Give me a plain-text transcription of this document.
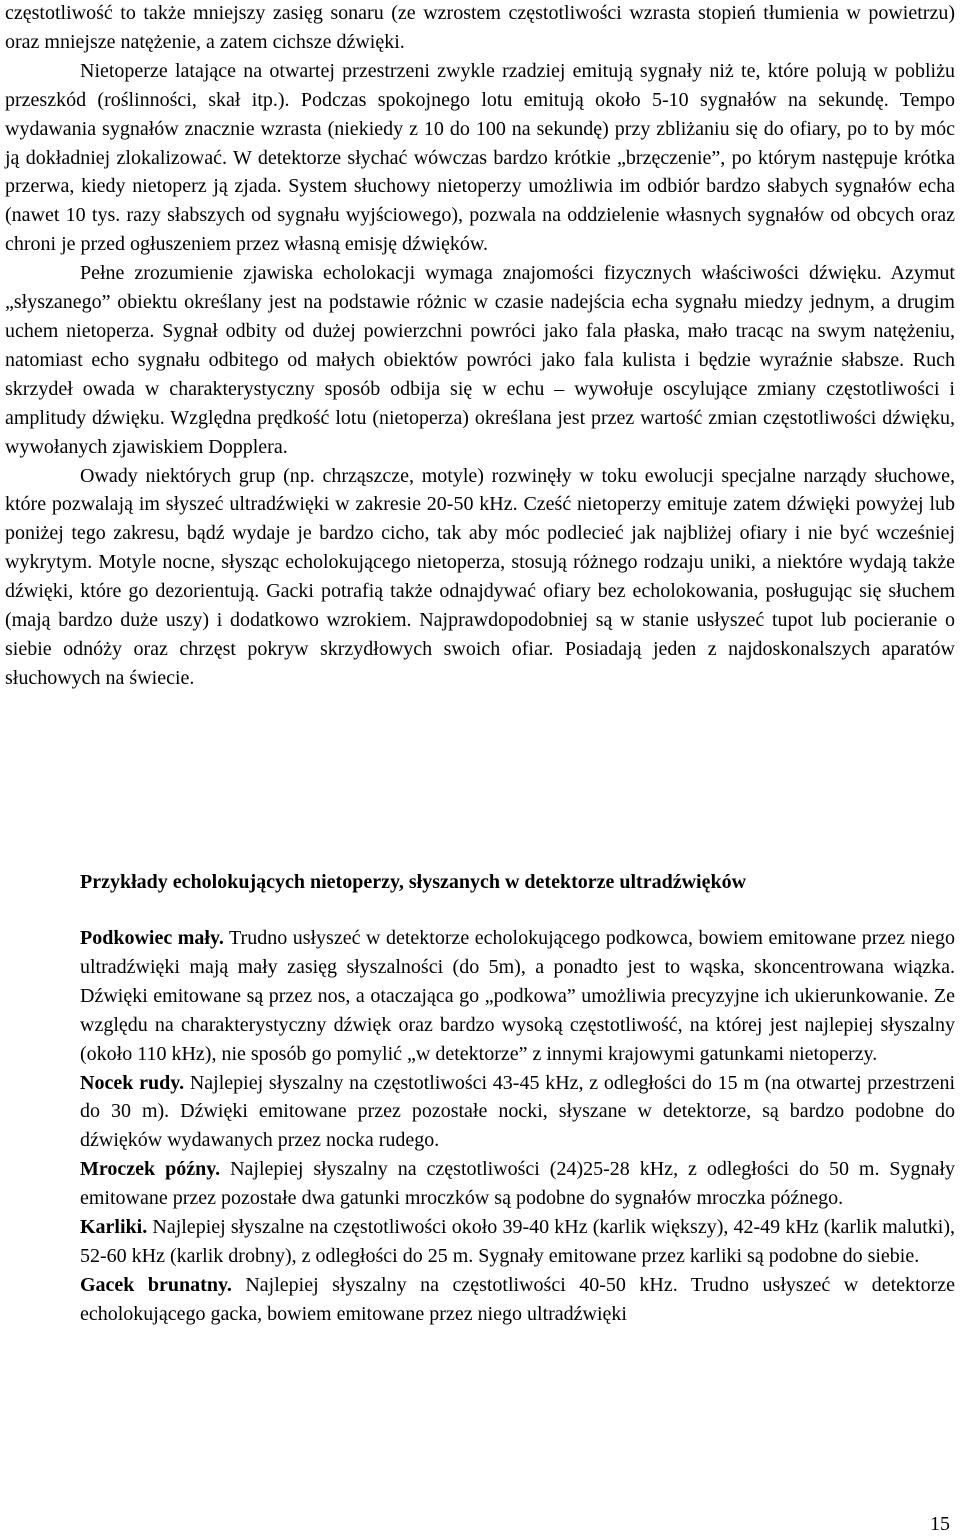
częstotliwość to także mniejszy zasięg sonaru (ze wzrostem częstotliwości wzrasta stopień tłumienia w powietrzu) oraz mniejsze natężenie, a zatem cichsze dźwięki.

Nietoperze latające na otwartej przestrzeni zwykle rzadziej emitują sygnały niż te, które polują w pobliżu przeszkód (roślinności, skał itp.). Podczas spokojnego lotu emitują około 5-10 sygnałów na sekundę. Tempo wydawania sygnałów znacznie wzrasta (niekiedy z 10 do 100 na sekundę) przy zbliżaniu się do ofiary, po to by móc ją dokładniej zlokalizować. W detektorze słychać wówczas bardzo krótkie „brzęczenie”, po którym następuje krótka przerwa, kiedy nietoperz ją zjada. System słuchowy nietoperzy umożliwia im odbiór bardzo słabych sygnałów echa (nawet 10 tys. razy słabszych od sygnału wyjściowego), pozwala na oddzielenie własnych sygnałów od obcych oraz chroni je przed ogłuszeniem przez własną emisję dźwięków.

Pełne zrozumienie zjawiska echolokacji wymaga znajomości fizycznych właściwości dźwięku. Azymut „słyszanego” obiektu określany jest na podstawie różnic w czasie nadejścia echa sygnału miedzy jednym, a drugim uchem nietoperza. Sygnał odbity od dużej powierzchni powróci jako fala płaska, mało tracąc na swym natężeniu, natomiast echo sygnału odbitego od małych obiektów powróci jako fala kulista i będzie wyraźnie słabsze. Ruch skrzydeł owada w charakterystyczny sposób odbija się w echu – wywołuje oscylujące zmiany częstotliwości i amplitudy dźwięku. Względna prędkość lotu (nietoperza) określana jest przez wartość zmian częstotliwości dźwięku, wywołanych zjawiskiem Dopplera.

Owady niektórych grup (np. chrząszcze, motyle) rozwinęły w toku ewolucji specjalne narządy słuchowe, które pozwalają im słyszeć ultradźwięki w zakresie 20-50 kHz. Cześć nietoperzy emituje zatem dźwięki powyżej lub poniżej tego zakresu, bądź wydaje je bardzo cicho, tak aby móc podlecieć jak najbliżej ofiary i nie być wcześniej wykrytym. Motyle nocne, słysząc echolokującego nietoperza, stosują różnego rodzaju uniki, a niektóre wydają także dźwięki, które go dezorientują. Gacki potrafią także odnajdywać ofiary bez echolokowania, posługując się słuchem (mają bardzo duże uszy) i dodatkowo wzrokiem. Najprawdopodobniej są w stanie usłyszeć tupot lub pocieranie o siebie odnóży oraz chrzęst pokryw skrzydłowych swoich ofiar. Posiadają jeden z najdoskonalszych aparatów słuchowych na świecie.

Przykłady echolokujących nietoperzy, słyszanych w detektorze ultradźwięków

Podkowiec mały. Trudno usłyszeć w detektorze echolokującego podkowca, bowiem emitowane przez niego ultradźwięki mają mały zasięg słyszalności (do 5m), a ponadto jest to wąska, skoncentrowana wiązka. Dźwięki emitowane są przez nos, a otaczająca go „podkowa” umożliwia precyzyjne ich ukierunkowanie. Ze względu na charakterystyczny dźwięk oraz bardzo wysoką częstotliwość, na której jest najlepiej słyszalny (około 110 kHz), nie sposób go pomylić „w detektorze” z innymi krajowymi gatunkami nietoperzy.

Nocek rudy. Najlepiej słyszalny na częstotliwości 43-45 kHz, z odległości do 15 m (na otwartej przestrzeni do 30 m). Dźwięki emitowane przez pozostałe nocki, słyszane w detektorze, są bardzo podobne do dźwięków wydawanych przez nocka rudego.

Mroczek późny. Najlepiej słyszalny na częstotliwości (24)25-28 kHz, z odległości do 50 m. Sygnały emitowane przez pozostałe dwa gatunki mroczków są podobne do sygnałów mroczka późnego.

Karliki. Najlepiej słyszalne na częstotliwości około 39-40 kHz (karlik większy), 42-49 kHz (karlik malutki), 52-60 kHz (karlik drobny), z odległości do 25 m. Sygnały emitowane przez karliki są podobne do siebie.

Gacek brunatny. Najlepiej słyszalny na częstotliwości 40-50 kHz. Trudno usłyszeć w detektorze echolokującego gacka, bowiem emitowane przez niego ultradźwięki

15
